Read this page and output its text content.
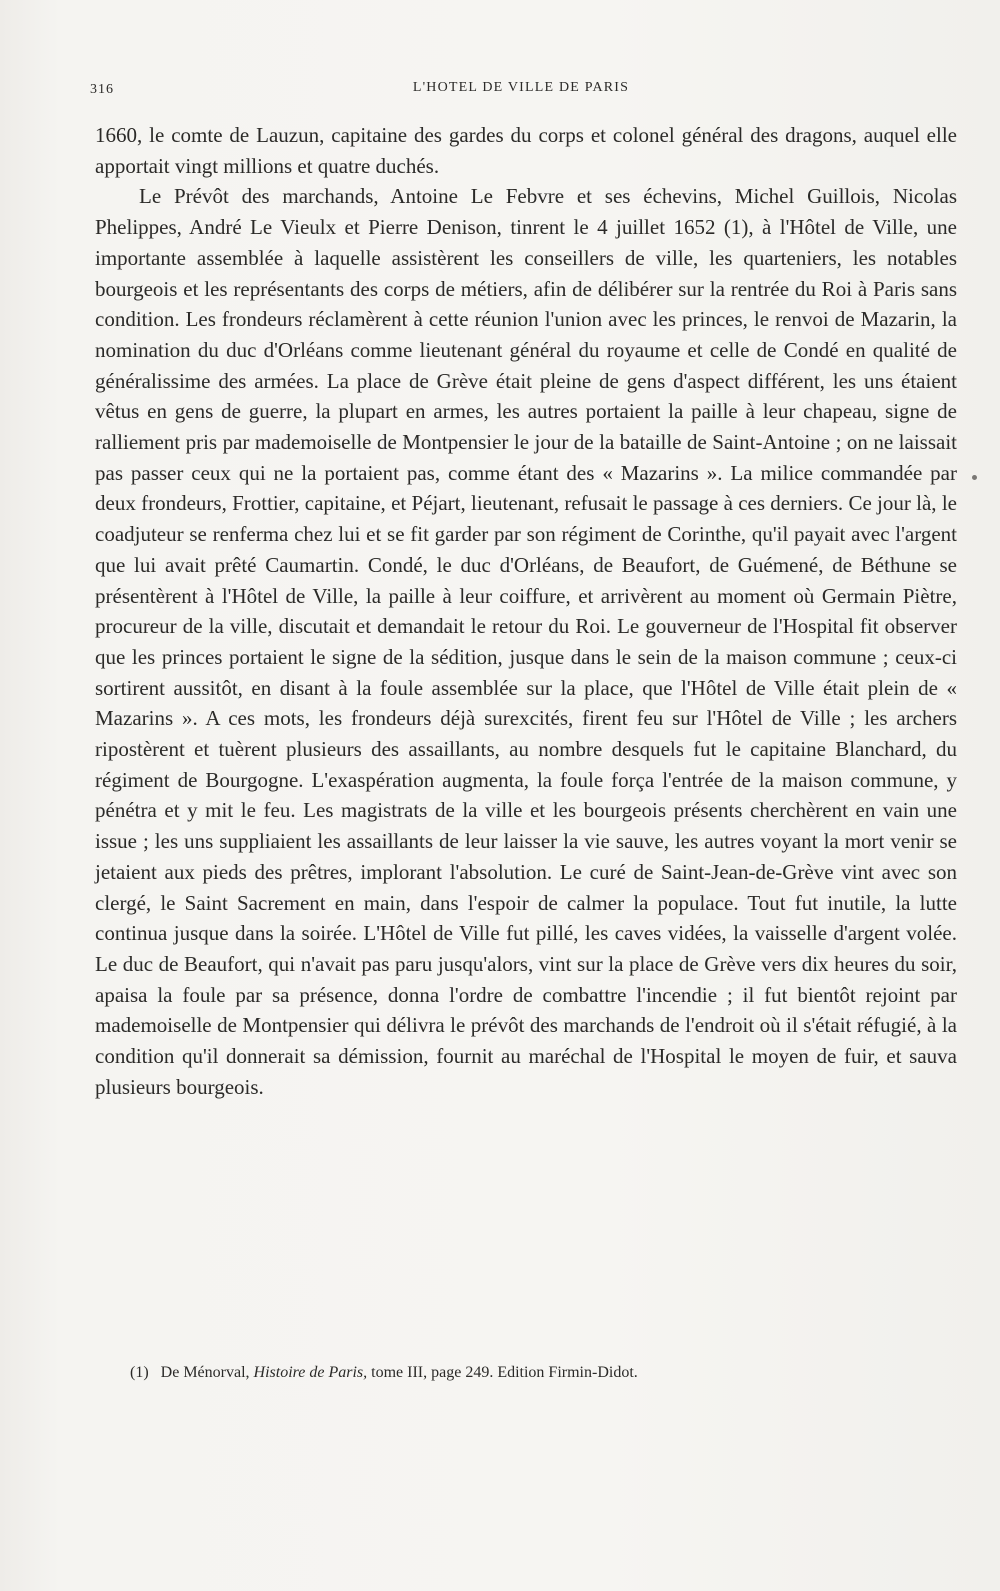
316	L'HOTEL DE VILLE DE PARIS

1660, le comte de Lauzun, capitaine des gardes du corps et colonel général des dragons, auquel elle apportait vingt millions et quatre duchés.

Le Prévôt des marchands, Antoine Le Febvre et ses échevins, Michel Guillois, Nicolas Phelippes, André Le Vieulx et Pierre Denison, tinrent le 4 juillet 1652 (1), à l'Hôtel de Ville, une importante assemblée à laquelle assistèrent les conseillers de ville, les quarteniers, les notables bourgeois et les représentants des corps de métiers, afin de délibérer sur la rentrée du Roi à Paris sans condition. Les frondeurs réclamèrent à cette réunion l'union avec les princes, le renvoi de Mazarin, la nomination du duc d'Orléans comme lieutenant général du royaume et celle de Condé en qualité de généralissime des armées. La place de Grève était pleine de gens d'aspect différent, les uns étaient vêtus en gens de guerre, la plupart en armes, les autres portaient la paille à leur chapeau, signe de ralliement pris par mademoiselle de Montpensier le jour de la bataille de Saint-Antoine ; on ne laissait pas passer ceux qui ne la portaient pas, comme étant des « Mazarins ». La milice commandée par deux frondeurs, Frottier, capitaine, et Péjart, lieutenant, refusait le passage à ces derniers. Ce jour là, le coadjuteur se renferma chez lui et se fit garder par son régiment de Corinthe, qu'il payait avec l'argent que lui avait prêté Caumartin. Condé, le duc d'Orléans, de Beaufort, de Guémené, de Béthune se présentèrent à l'Hôtel de Ville, la paille à leur coiffure, et arrivèrent au moment où Germain Piètre, procureur de la ville, discutait et demandait le retour du Roi. Le gouverneur de l'Hospital fit observer que les princes portaient le signe de la sédition, jusque dans le sein de la maison commune ; ceux-ci sortirent aussitôt, en disant à la foule assemblée sur la place, que l'Hôtel de Ville était plein de « Mazarins ». A ces mots, les frondeurs déjà surexcités, firent feu sur l'Hôtel de Ville ; les archers ripostèrent et tuèrent plusieurs des assaillants, au nombre desquels fut le capitaine Blanchard, du régiment de Bourgogne. L'exaspération augmenta, la foule força l'entrée de la maison commune, y pénétra et y mit le feu. Les magistrats de la ville et les bourgeois présents cherchèrent en vain une issue ; les uns suppliaient les assaillants de leur laisser la vie sauve, les autres voyant la mort venir se jetaient aux pieds des prêtres, implorant l'absolution. Le curé de Saint-Jean-de-Grève vint avec son clergé, le Saint Sacrement en main, dans l'espoir de calmer la populace. Tout fut inutile, la lutte continua jusque dans la soirée. L'Hôtel de Ville fut pillé, les caves vidées, la vaisselle d'argent volée. Le duc de Beaufort, qui n'avait pas paru jusqu'alors, vint sur la place de Grève vers dix heures du soir, apaisa la foule par sa présence, donna l'ordre de combattre l'incendie ; il fut bientôt rejoint par mademoiselle de Montpensier qui délivra le prévôt des marchands de l'endroit où il s'était réfugié, à la condition qu'il donnerait sa démission, fournit au maréchal de l'Hospital le moyen de fuir, et sauva plusieurs bourgeois.

(1) De Ménorval, Histoire de Paris, tome III, page 249. Edition Firmin-Didot.
